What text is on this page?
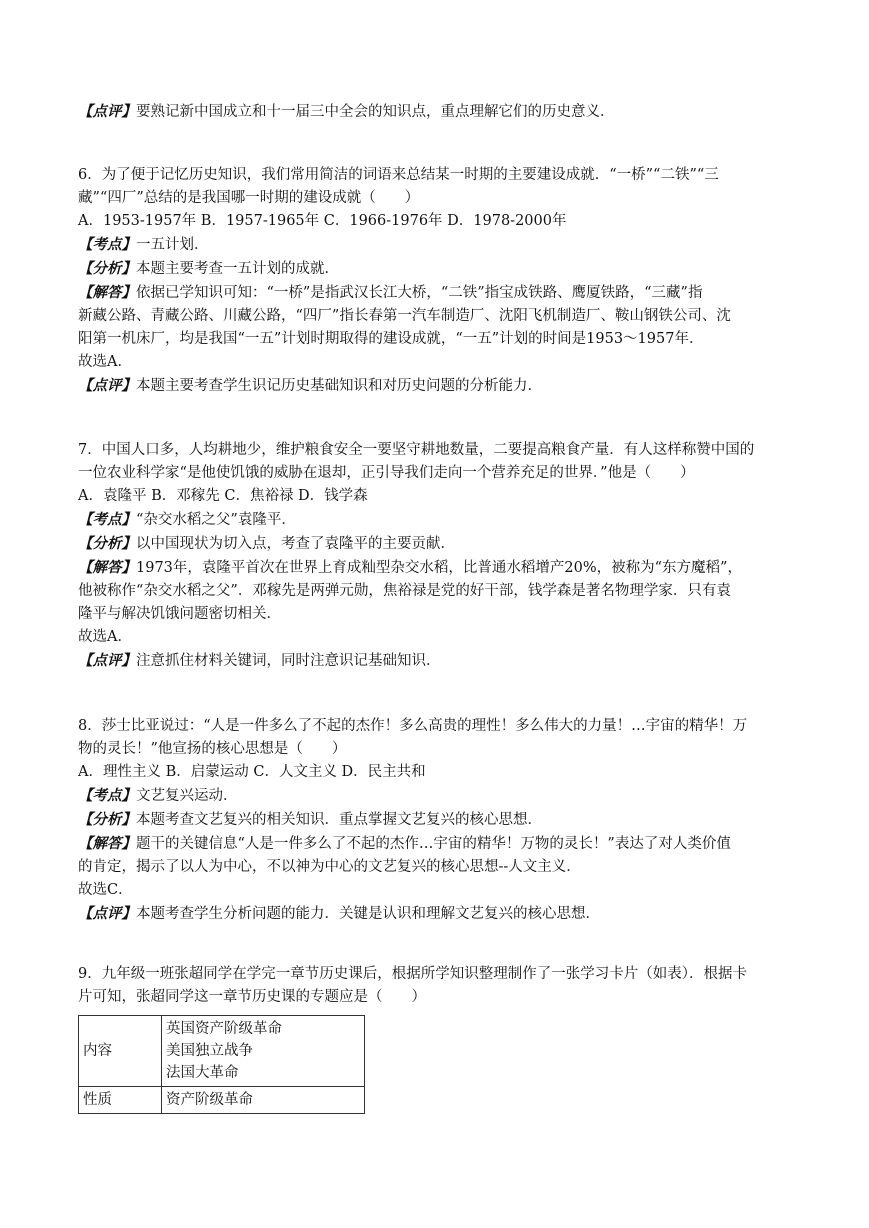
【点评】要熟记新中国成立和十一届三中全会的知识点，重点理解它们的历史意义．
6．为了便于记忆历史知识，我们常用简洁的词语来总结某一时期的主要建设成就．“一桥”“二铁”“三
藏”“四厂”总结的是我国哪一时期的建设成就（　　）
A．1953-1957年 B．1957-1965年 C．1966-1976年 D．1978-2000年
【考点】一五计划．
【分析】本题主要考查一五计划的成就．
【解答】依据已学知识可知：“一桥”是指武汉长江大桥，“二铁”指宝成铁路、鹰厦铁路，“三藏”指
新藏公路、青藏公路、川藏公路，“四厂”指长春第一汽车制造厂、沈阳飞机制造厂、鞍山钢铁公司、沈
阳第一机床厂，均是我国“一五”计划时期取得的建设成就，“一五”计划的时间是1953～1957年．
故选A．
【点评】本题主要考查学生识记历史基础知识和对历史问题的分析能力．
7．中国人口多，人均耕地少，维护粮食安全一要坚守耕地数量，二要提高粮食产量．有人这样称赞中国的
一位农业科学家“是他使饥饿的威胁在退却，正引导我们走向一个营养充足的世界．”他是（　　）
A．袁隆平 B．邓稼先 C．焦裕禄 D．钱学森
【考点】“杂交水稻之父”袁隆平．
【分析】以中国现状为切入点，考查了袁隆平的主要贡献．
【解答】1973年，袁隆平首次在世界上育成籼型杂交水稻，比普通水稻增产20%，被称为“东方魔稻”，
他被称作“杂交水稻之父”．邓稼先是两弹元勋，焦裕禄是党的好干部，钱学森是著名物理学家．只有袁
隆平与解决饥饿问题密切相关．
故选A．
【点评】注意抓住材料关键词，同时注意识记基础知识．
8．莎士比亚说过：“人是一件多么了不起的杰作！多么高贵的理性！多么伟大的力量！…宇宙的精华！万
物的灵长！”他宣扬的核心思想是（　　）
A．理性主义 B．启蒙运动 C．人文主义 D．民主共和
【考点】文艺复兴运动．
【分析】本题考查文艺复兴的相关知识．重点掌握文艺复兴的核心思想．
【解答】题干的关键信息“人是一件多么了不起的杰作…宇宙的精华！万物的灵长！”表达了对人类价值
的肯定，揭示了以人为中心，不以神为中心的文艺复兴的核心思想--人文主义．
故选C．
【点评】本题考查学生分析问题的能力．关键是认识和理解文艺复兴的核心思想．
9．九年级一班张超同学在学完一章节历史课后，根据所学知识整理制作了一张学习卡片（如表）．根据卡
片可知，张超同学这一章节历史课的专题应是（　　）
内容	英国资产阶级革命
美国独立战争
法国大革命

性质	资产阶级革命
